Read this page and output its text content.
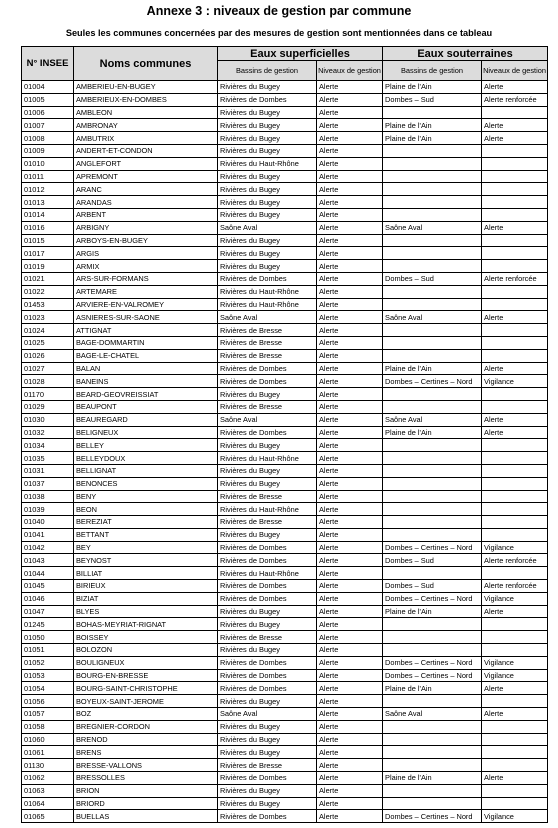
Annexe 3 : niveaux de gestion par commune
Seules les communes concernées par des mesures de gestion sont mentionnées dans ce tableau
N° INSEE	Noms communes	Eaux superficielles		Eaux souterraines	
		Bassins de gestion	Niveaux de gestion	Bassins de gestion	Niveaux de gestion
01004	AMBERIEU-EN-BUGEY	Rivières du Bugey	Alerte	Plaine de l'Ain	Alerte
01005	AMBERIEUX-EN-DOMBES	Rivières de Dombes	Alerte	Dombes – Sud	Alerte renforcée
01006	AMBLEON	Rivières du Bugey	Alerte		
01007	AMBRONAY	Rivières du Bugey	Alerte	Plaine de l'Ain	Alerte
01008	AMBUTRIX	Rivières du Bugey	Alerte	Plaine de l'Ain	Alerte
01009	ANDERT-ET-CONDON	Rivières du Bugey	Alerte		
01010	ANGLEFORT	Rivières du Haut-Rhône	Alerte		
01011	APREMONT	Rivières du Bugey	Alerte		
01012	ARANC	Rivières du Bugey	Alerte		
01013	ARANDAS	Rivières du Bugey	Alerte		
01014	ARBENT	Rivières du Bugey	Alerte		
01016	ARBIGNY	Saône Aval	Alerte	Saône Aval	Alerte
01015	ARBOYS-EN-BUGEY	Rivières du Bugey	Alerte		
01017	ARGIS	Rivières du Bugey	Alerte		
01019	ARMIX	Rivières du Bugey	Alerte		
01021	ARS-SUR-FORMANS	Rivières de Dombes	Alerte	Dombes – Sud	Alerte renforcée
01022	ARTEMARE	Rivières du Haut-Rhône	Alerte		
01453	ARVIERE-EN-VALROMEY	Rivières du Haut-Rhône	Alerte		
01023	ASNIERES-SUR-SAONE	Saône Aval	Alerte	Saône Aval	Alerte
01024	ATTIGNAT	Rivières de Bresse	Alerte		
01025	BAGE-DOMMARTIN	Rivières de Bresse	Alerte		
01026	BAGE-LE-CHATEL	Rivières de Bresse	Alerte		
01027	BALAN	Rivières de Dombes	Alerte	Plaine de l'Ain	Alerte
01028	BANEINS	Rivières de Dombes	Alerte	Dombes – Certines – Nord	Vigilance
01170	BEARD-GEOVREISSIAT	Rivières du Bugey	Alerte		
01029	BEAUPONT	Rivières de Bresse	Alerte		
01030	BEAUREGARD	Saône Aval	Alerte	Saône Aval	Alerte
01032	BELIGNEUX	Rivières de Dombes	Alerte	Plaine de l'Ain	Alerte
01034	BELLEY	Rivières du Bugey	Alerte		
01035	BELLEYDOUX	Rivières du Haut-Rhône	Alerte		
01031	BELLIGNAT	Rivières du Bugey	Alerte		
01037	BENONCES	Rivières du Bugey	Alerte		
01038	BENY	Rivières de Bresse	Alerte		
01039	BEON	Rivières du Haut-Rhône	Alerte		
01040	BEREZIAT	Rivières de Bresse	Alerte		
01041	BETTANT	Rivières du Bugey	Alerte		
01042	BEY	Rivières de Dombes	Alerte	Dombes – Certines – Nord	Vigilance
01043	BEYNOST	Rivières de Dombes	Alerte	Dombes – Sud	Alerte renforcée
01044	BILLIAT	Rivières du Haut-Rhône	Alerte		
01045	BIRIEUX	Rivières de Dombes	Alerte	Dombes – Sud	Alerte renforcée
01046	BIZIAT	Rivières de Dombes	Alerte	Dombes – Certines – Nord	Vigilance
01047	BLYES	Rivières du Bugey	Alerte	Plaine de l'Ain	Alerte
01245	BOHAS-MEYRIAT-RIGNAT	Rivières du Bugey	Alerte		
01050	BOISSEY	Rivières de Bresse	Alerte		
01051	BOLOZON	Rivières du Bugey	Alerte		
01052	BOULIGNEUX	Rivières de Dombes	Alerte	Dombes – Certines – Nord	Vigilance
01053	BOURG-EN-BRESSE	Rivières de Dombes	Alerte	Dombes – Certines – Nord	Vigilance
01054	BOURG-SAINT-CHRISTOPHE	Rivières de Dombes	Alerte	Plaine de l'Ain	Alerte
01056	BOYEUX-SAINT-JEROME	Rivières du Bugey	Alerte		
01057	BOZ	Saône Aval	Alerte	Saône Aval	Alerte
01058	BREGNIER-CORDON	Rivières du Bugey	Alerte		
01060	BRENOD	Rivières du Bugey	Alerte		
01061	BRENS	Rivières du Bugey	Alerte		
01130	BRESSE-VALLONS	Rivières de Bresse	Alerte		
01062	BRESSOLLES	Rivières de Dombes	Alerte	Plaine de l'Ain	Alerte
01063	BRION	Rivières du Bugey	Alerte		
01064	BRIORD	Rivières du Bugey	Alerte		
01065	BUELLAS	Rivières de Dombes	Alerte	Dombes – Certines – Nord	Vigilance
